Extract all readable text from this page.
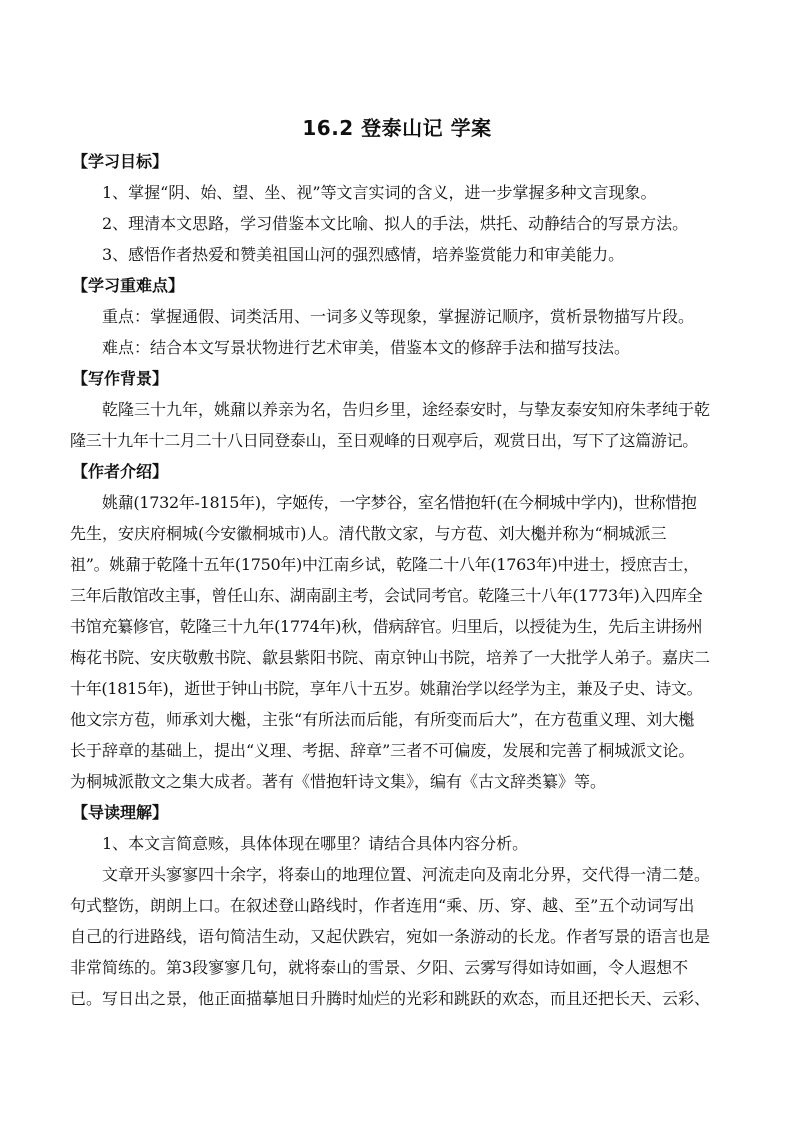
16.2 登泰山记 学案
【学习目标】
1、掌握“阴、始、望、坐、视”等文言实词的含义，进一步掌握多种文言现象。
2、理清本文思路，学习借鉴本文比喻、拟人的手法，烘托、动静结合的写景方法。
3、感悟作者热爱和赞美祖国山河的强烈感情，培养鉴赏能力和审美能力。
【学习重难点】
重点：掌握通假、词类活用、一词多义等现象，掌握游记顺序，赏析景物描写片段。
难点：结合本文写景状物进行艺术审美，借鉴本文的修辞手法和描写技法。
【写作背景】
乾隆三十九年，姚鼐以养亲为名，告归乡里，途经泰安时，与挚友泰安知府朱孝纯于乾
隆三十九年十二月二十八日同登泰山，至日观峰的日观亭后，观赏日出，写下了这篇游记。
【作者介绍】
姚鼐(1732年-1815年)，字姬传，一字梦谷，室名惜抱轩(在今桐城中学内)，世称惜抱
先生，安庆府桐城(今安徽桐城市)人。清代散文家，与方苞、刘大櫆并称为“桐城派三
祖”。姚鼐于乾隆十五年(1750年)中江南乡试，乾隆二十八年(1763年)中进士，授庶吉士，
三年后散馆改主事，曾任山东、湖南副主考，会试同考官。乾隆三十八年(1773年)入四库全
书馆充纂修官，乾隆三十九年(1774年)秋，借病辞官。归里后，以授徒为生，先后主讲扬州
梅花书院、安庆敬敷书院、歙县紫阳书院、南京钟山书院，培养了一大批学人弟子。嘉庆二
十年(1815年)，逝世于钟山书院，享年八十五岁。姚鼐治学以经学为主，兼及子史、诗文。
他文宗方苞，师承刘大櫆，主张“有所法而后能，有所变而后大”，在方苞重义理、刘大櫆
长于辞章的基础上，提出“义理、考据、辞章”三者不可偏废，发展和完善了桐城派文论。
为桐城派散文之集大成者。著有《惜抱轩诗文集》，编有《古文辞类纂》等。
【导读理解】
1、本文言简意赅，具体体现在哪里？请结合具体内容分析。
文章开头寥寥四十余字，将泰山的地理位置、河流走向及南北分界，交代得一清二楚。
句式整饬，朗朗上口。在叙述登山路线时，作者连用“乘、历、穿、越、至”五个动词写出
自己的行进路线，语句简洁生动，又起伏跌宕，宛如一条游动的长龙。作者写景的语言也是
非常简练的。第3段寥寥几句，就将泰山的雪景、夕阳、云雾写得如诗如画，令人遐想不
已。写日出之景，他正面描摹旭日升腾时灿烂的光彩和跳跃的欢态，而且还把长天、云彩、
